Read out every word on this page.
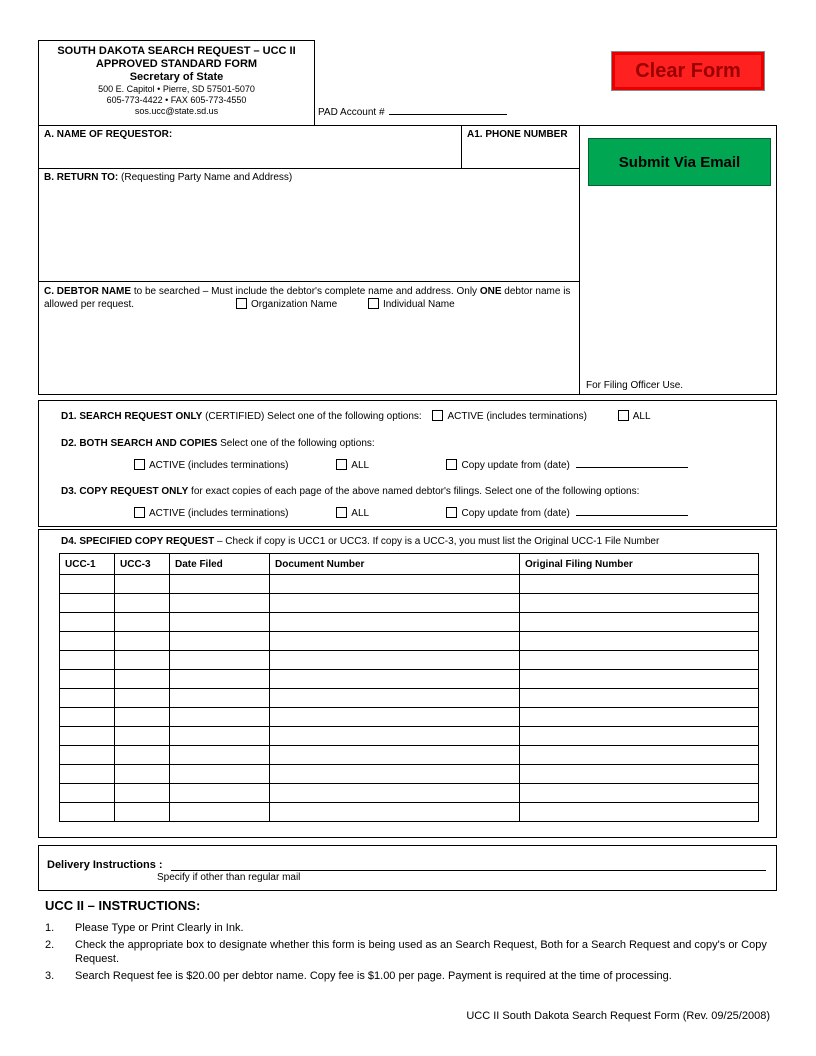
SOUTH DAKOTA SEARCH REQUEST – UCC II
APPROVED STANDARD FORM
Secretary of State
500 E. Capitol • Pierre, SD 57501-5070
605-773-4422 • FAX 605-773-4550
sos.ucc@state.sd.us	PAD Account #
Clear Form
A. NAME OF REQUESTOR:	A1. PHONE NUMBER
B. RETURN TO: (Requesting Party Name and Address)
C. DEBTOR NAME to be searched – Must include the debtor's complete name and address. Only ONE debtor name is allowed per request.	Organization Name	Individual Name
Submit Via Email
For Filing Officer Use.
D1. SEARCH REQUEST ONLY (CERTIFIED) Select one of the following options:	ACTIVE (includes terminations)	ALL
D2. BOTH SEARCH AND COPIES Select one of the following options:
ACTIVE (includes terminations)	ALL	Copy update from (date)
D3. COPY REQUEST ONLY for exact copies of each page of the above named debtor's filings. Select one of the following options:
ACTIVE (includes terminations)	ALL	Copy update from (date)
D4. SPECIFIED COPY REQUEST – Check if copy is UCC1 or UCC3. If copy is a UCC-3, you must list the Original UCC-1 File Number
UCC-1	UCC-3	Date Filed	Document Number	Original Filing Number

Delivery Instructions :
Specify if other than regular mail
UCC II – INSTRUCTIONS:
1.	Please Type or Print Clearly in Ink.
2.	Check the appropriate box to designate whether this form is being used as an Search Request, Both for a Search Request and copy's or Copy Request.
3.	Search Request fee is $20.00 per debtor name. Copy fee is $1.00 per page. Payment is required at the time of processing.
UCC II South Dakota Search Request Form (Rev. 09/25/2008)
